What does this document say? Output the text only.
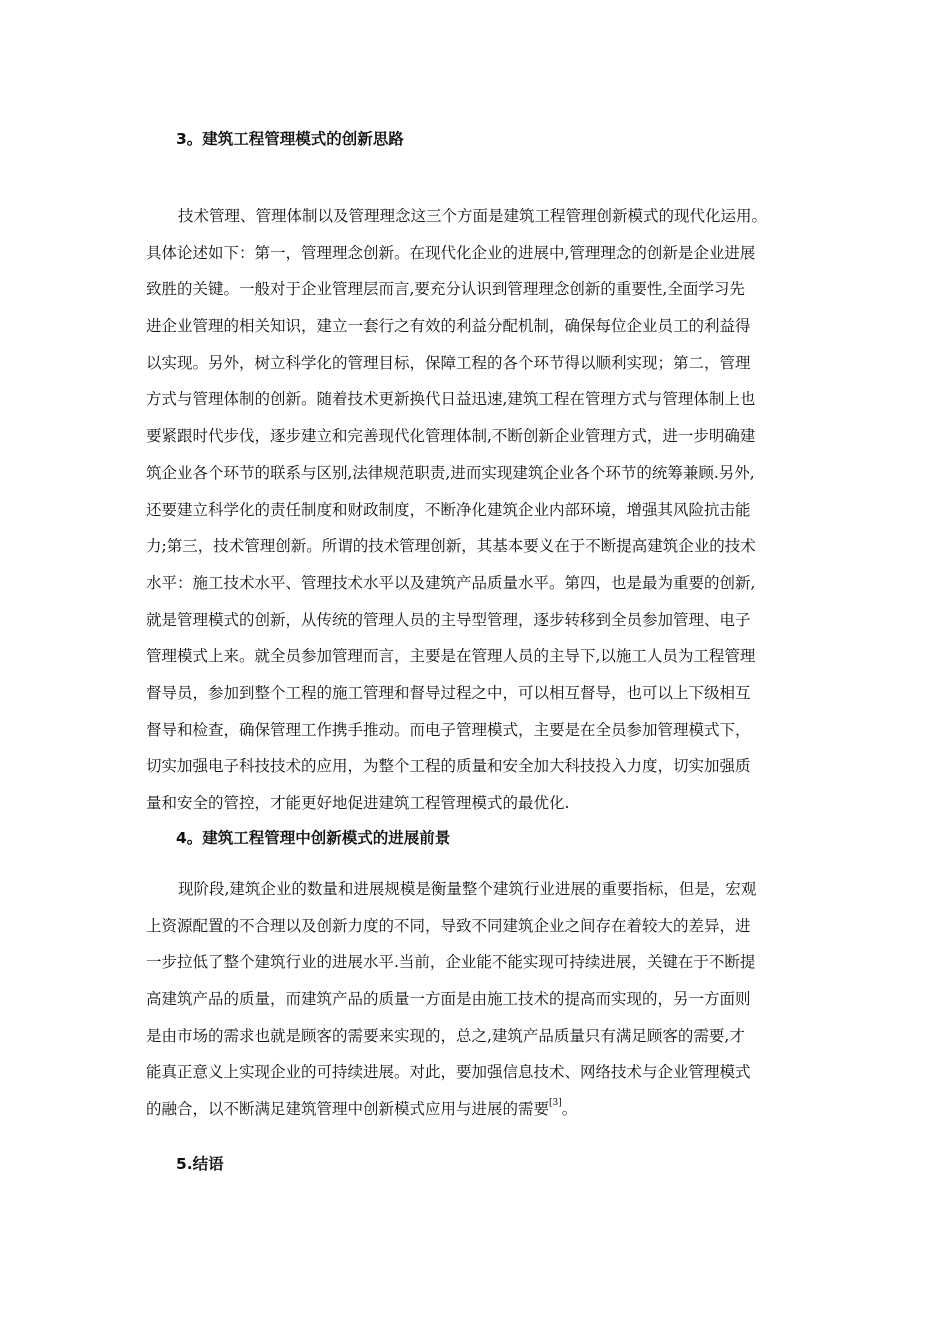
3。建筑工程管理模式的创新思路
技术管理、管理体制以及管理理念这三个方面是建筑工程管理创新模式的现代化运用。
具体论述如下：第一，管理理念创新。在现代化企业的进展中,管理理念的创新是企业进展
致胜的关键。一般对于企业管理层而言,要充分认识到管理理念创新的重要性,全面学习先
进企业管理的相关知识，建立一套行之有效的利益分配机制，确保每位企业员工的利益得
以实现。另外，树立科学化的管理目标，保障工程的各个环节得以顺利实现；第二，管理
方式与管理体制的创新。随着技术更新换代日益迅速,建筑工程在管理方式与管理体制上也
要紧跟时代步伐，逐步建立和完善现代化管理体制,不断创新企业管理方式，进一步明确建
筑企业各个环节的联系与区别,法律规范职责,进而实现建筑企业各个环节的统筹兼顾.另外,
还要建立科学化的责任制度和财政制度，不断净化建筑企业内部环境，增强其风险抗击能
力;第三，技术管理创新。所谓的技术管理创新，其基本要义在于不断提高建筑企业的技术
水平：施工技术水平、管理技术水平以及建筑产品质量水平。第四，也是最为重要的创新,
就是管理模式的创新，从传统的管理人员的主导型管理，逐步转移到全员参加管理、电子
管理模式上来。就全员参加管理而言，主要是在管理人员的主导下,以施工人员为工程管理
督导员，参加到整个工程的施工管理和督导过程之中，可以相互督导，也可以上下级相互
督导和检查，确保管理工作携手推动。而电子管理模式，主要是在全员参加管理模式下，
切实加强电子科技技术的应用，为整个工程的质量和安全加大科技投入力度，切实加强质
量和安全的管控，才能更好地促进建筑工程管理模式的最优化.
4。建筑工程管理中创新模式的进展前景
现阶段,建筑企业的数量和进展规模是衡量整个建筑行业进展的重要指标，但是，宏观
上资源配置的不合理以及创新力度的不同，导致不同建筑企业之间存在着较大的差异，进
一步拉低了整个建筑行业的进展水平.当前，企业能不能实现可持续进展，关键在于不断提
高建筑产品的质量，而建筑产品的质量一方面是由施工技术的提高而实现的，另一方面则
是由市场的需求也就是顾客的需要来实现的，总之,建筑产品质量只有满足顾客的需要,才
能真正意义上实现企业的可持续进展。对此，要加强信息技术、网络技术与企业管理模式
的融合，以不断满足建筑管理中创新模式应用与进展的需要[3]。
5.结语
